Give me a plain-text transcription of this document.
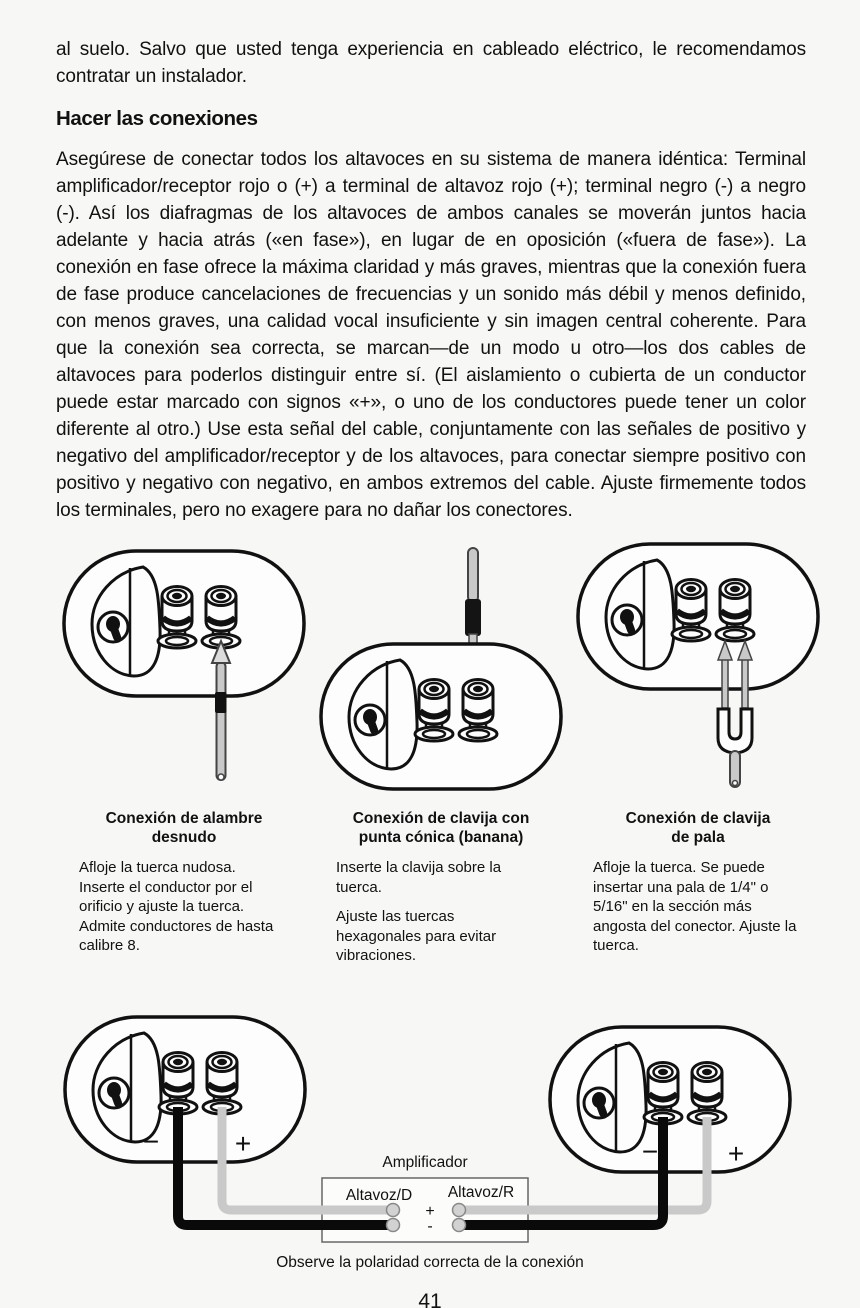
al suelo. Salvo que usted tenga experiencia en cableado eléctrico, le recomendamos contratar un instalador.

Hacer las conexiones

Asegúrese de conectar todos los altavoces en su sistema de manera idéntica: Terminal amplificador/receptor rojo o (+) a terminal de altavoz rojo (+); terminal negro (-) a negro (-). Así los diafragmas de los altavoces de ambos canales se moverán juntos hacia adelante y hacia atrás («en fase»), en lugar de en oposición («fuera de fase»). La conexión en fase ofrece la máxima claridad y más graves, mientras que la conexión fuera de fase produce cancelaciones de frecuencias y un sonido más débil y menos definido, con menos graves, una calidad vocal insuficiente y sin imagen central coherente. Para que la conexión sea correcta, se marcan—de un modo u otro—los dos cables de altavoces para poderlos distinguir entre sí. (El aislamiento o cubierta de un conductor puede estar marcado con signos «+», o uno de los conductores puede tener un color diferente al otro.) Use esta señal del cable, conjuntamente con las señales de positivo y negativo del amplificador/receptor y de los altavoces, para conectar siempre positivo con positivo y negativo con negativo, en ambos extremos del cable. Ajuste firmemente todos los terminales, pero no exagere para no dañar los conectores.

Conexión de alambre
desnudo

Afloje la tuerca nudosa. Inserte el conductor por el orificio y ajuste la tuerca. Admite conductores de hasta calibre 8.

Conexión de clavija con
punta cónica (banana)

Inserte la clavija sobre la tuerca.

Ajuste las tuercas hexagonales para evitar vibraciones.

Conexión de clavija
de pala

Afloje la tuerca. Se puede insertar una pala de 1/4" o 5/16" en la sección más angosta del conector. Ajuste la tuerca.

−	+	− +
Amplificador
Altavoz/D Altavoz/R
+
-

Observe la polaridad correcta de la conexión

41
